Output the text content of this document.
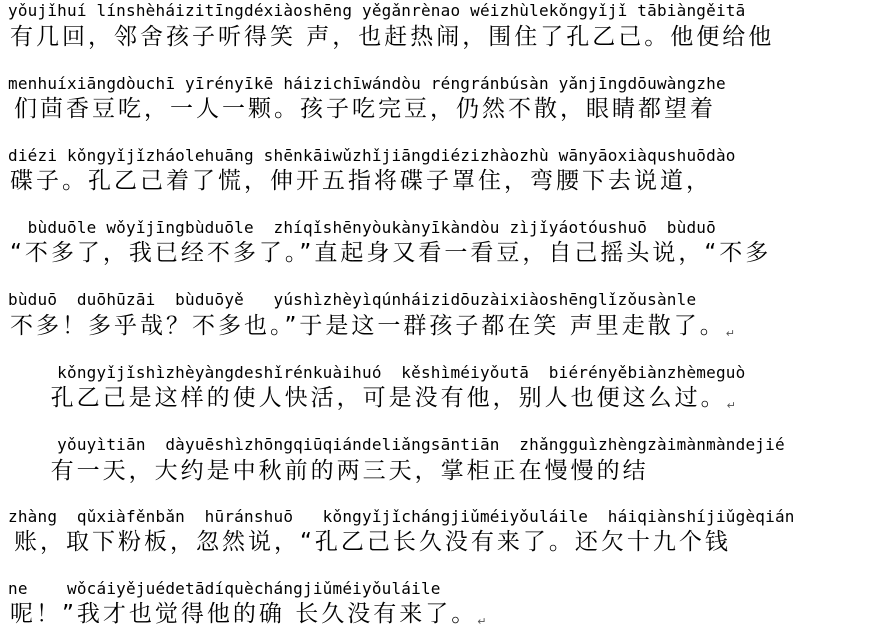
yǒujǐhuí línshèháizitīngdéxiàoshēng yěgǎnrènao wéizhùlekǒngyǐjǐ tābiàngěitā
有几回，邻舍孩子听得笑 声，也赶热闹，围住了孔乙己。他便给他
menhuíxiāngdòuchī yīrényīkē háizichīwándòu réngránbúsàn yǎnjīngdōuwàngzhe
们茴香豆吃，一人一颗。孩子吃完豆，仍然不散，眼睛都望着
diézi kǒngyǐjǐzháolehuāng shēnkāiwǔzhǐjiāngdiézizhàozhù wānyāoxiàqushuōdào
碟子。孔乙己着了慌，伸开五指将碟子罩住，弯腰下去说道，
bùduōle wǒyǐjīngbùduōle  zhíqǐshēnyòukànyīkàndòu zìjǐyáotóushuō  bùduō
“不多了，我已经不多了。”直起身又看一看豆，自己摇头说，“不多
bùduō  duōhūzāi  bùduōyě   yúshìzhèyìqúnháizidōuzàixiàoshēnglǐzǒusànle
不多！多乎哉？不多也。”于是这一群孩子都在笑 声里走散了。↵
kǒngyǐjǐshìzhèyàngdeshǐrénkuàihuó  kěshìméiyǒutā  biérényěbiànzhèmeguò
孔乙己是这样的使人快活，可是没有他，别人也便这么过。↵
yǒuyìtiān  dàyuēshìzhōngqiūqiándeliǎngsāntiān  zhǎngguìzhèngzàimànmàndejié
有一天，大约是中秋前的两三天，掌柜正在慢慢的结
zhàng  qǔxiàfěnbǎn  hūránshuō   kǒngyǐjǐchángjiǔméiyǒuláile  háiqiànshíjiǔgèqián
账，取下粉板，忽然说，“孔乙己长久没有来了。还欠十九个钱
ne    wǒcáiyějuédetādíquèchángjiǔméiyǒuláile
呢！”我才也觉得他的确 长久没有来了。↵
